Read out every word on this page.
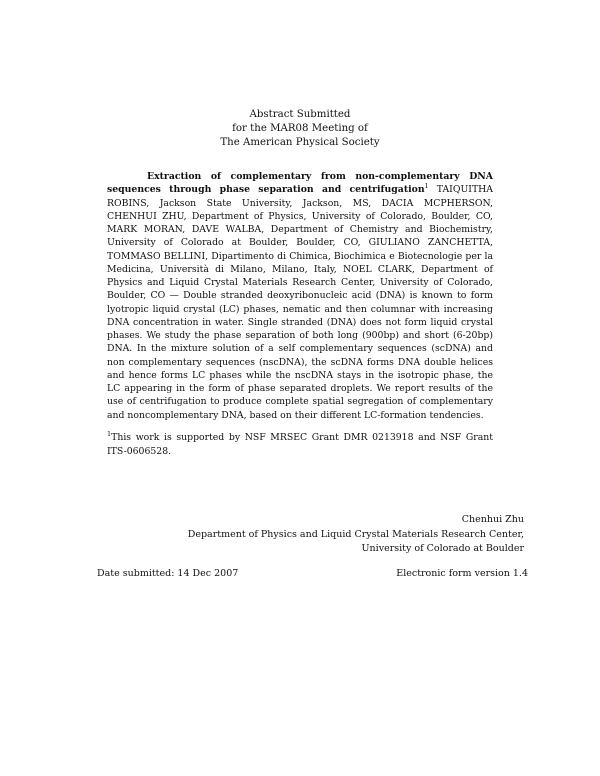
Abstract Submitted
for the MAR08 Meeting of
The American Physical Society

Extraction of complementary from non-complementary DNA sequences through phase separation and centrifugation$^1$ TAIQUITHA ROBINS, Jackson State University, Jackson, MS, DACIA MCPHERSON, CHENHUI ZHU, Department of Physics, University of Colorado, Boulder, CO, MARK MORAN, DAVE WALBA, Department of Chemistry and Biochemistry, University of Colorado at Boulder, Boulder, CO, GIULIANO ZANCHETTA, TOMMASO BELLINI, Dipartimento di Chimica, Biochimica e Biotecnologie per la Medicina, Università di Milano, Milano, Italy, NOEL CLARK, Department of Physics and Liquid Crystal Materials Research Center, University of Colorado, Boulder, CO — Double stranded deoxyribonucleic acid (DNA) is known to form lyotropic liquid crystal (LC) phases, nematic and then columnar with increasing DNA concentration in water. Single stranded (DNA) does not form liquid crystal phases. We study the phase separation of both long (900bp) and short (6-20bp) DNA. In the mixture solution of a self complementary sequences (scDNA) and non complementary sequences (nscDNA), the scDNA forms DNA double helices and hence forms LC phases while the nscDNA stays in the isotropic phase, the LC appearing in the form of phase separated droplets. We report results of the use of centrifugation to produce complete spatial segregation of complementary and noncomplementary DNA, based on their different LC-formation tendencies.

$^1$This work is supported by NSF MRSEC Grant DMR 0213918 and NSF Grant ITS-0606528.

Chenhui Zhu
Department of Physics and Liquid Crystal Materials Research Center,
University of Colorado at Boulder
Date submitted: 14 Dec 2007	Electronic form version 1.4
